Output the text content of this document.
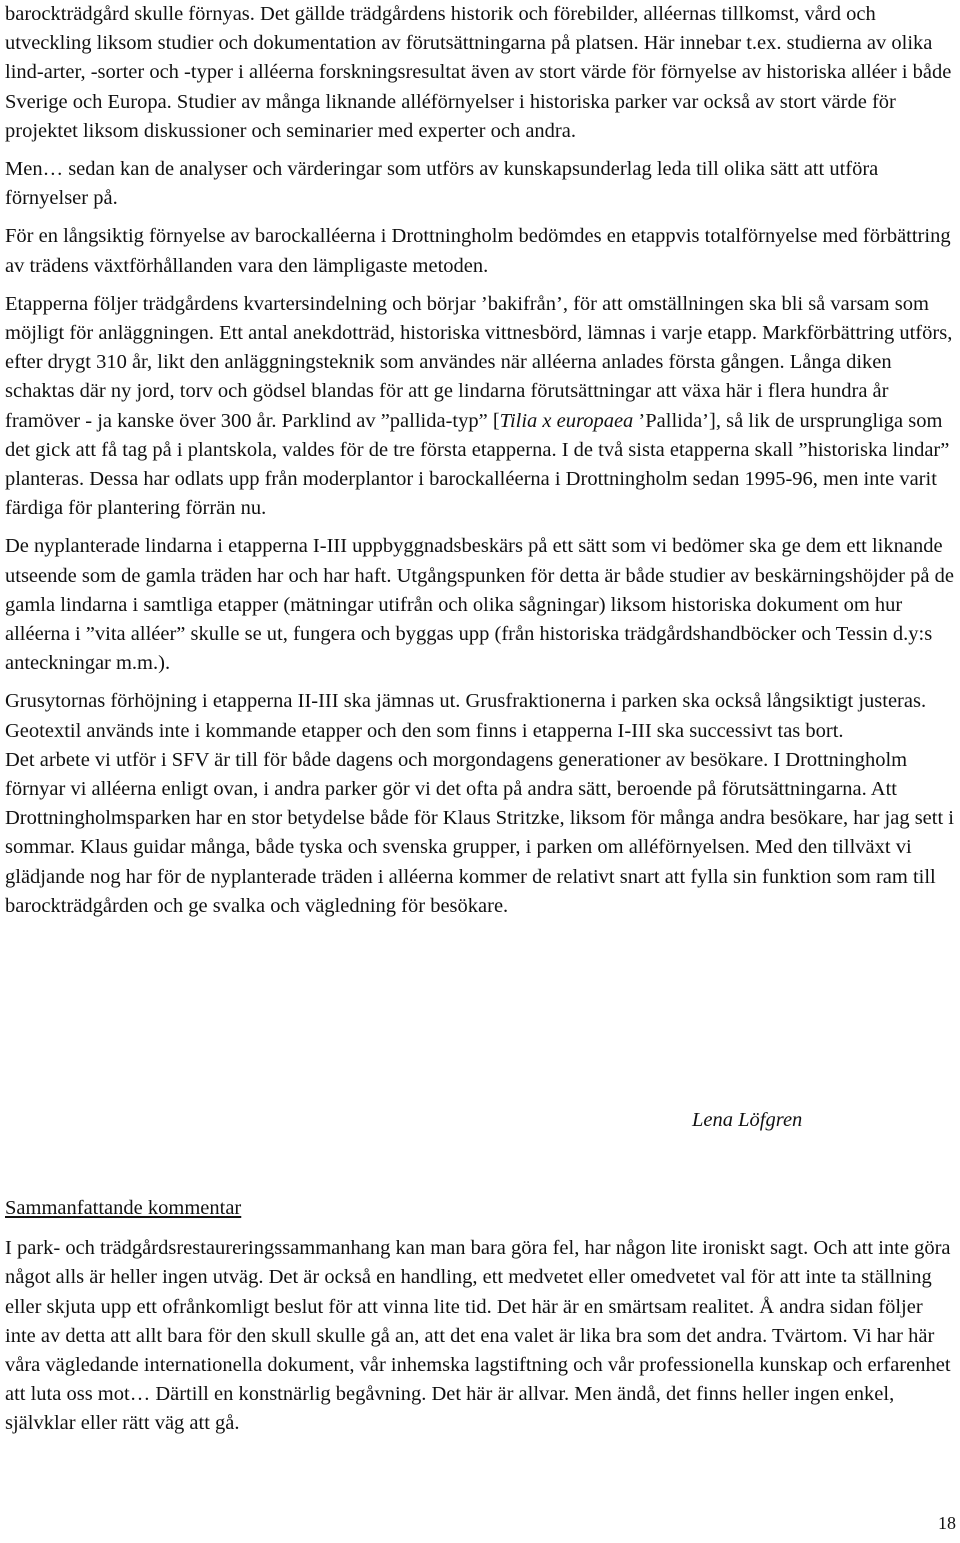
barockträdgård skulle förnyas. Det gällde trädgårdens historik och förebilder, alléernas tillkomst, vård och utveckling liksom studier och dokumentation av förutsättningarna på platsen. Här innebar t.ex. studierna av olika lind-arter, -sorter och -typer i alléerna forskningsresultat även av stort värde för förnyelse av historiska alléer i både Sverige och Europa. Studier av många liknande alléförnyelser i historiska parker var också av stort värde för projektet liksom diskussioner och seminarier med experter och andra.

Men… sedan kan de analyser och värderingar som utförs av kunskapsunderlag leda till olika sätt att utföra förnyelser på.

För en långsiktig förnyelse av barockalléerna i Drottningholm bedömdes en etappvis totalförnyelse med förbättring av trädens växtförhållanden vara den lämpligaste metoden.

Etapperna följer trädgårdens kvartersindelning och börjar ’bakifrån’, för att omställningen ska bli så varsam som möjligt för anläggningen. Ett antal anekdotträd, historiska vittnesbörd, lämnas i varje etapp. Markförbättring utförs, efter drygt 310 år, likt den anläggningsteknik som användes när alléerna anlades första gången. Långa diken schaktas där ny jord, torv och gödsel blandas för att ge lindarna förutsättningar att växa här i flera hundra år framöver - ja kanske över 300 år. Parklind av ”pallida-typ” [Tilia x europaea ’Pallida’], så lik de ursprungliga som det gick att få tag på i plantskola, valdes för de tre första etapperna. I de två sista etapperna skall ”historiska lindar” planteras. Dessa har odlats upp från moderplantor i barockalléerna i Drottningholm sedan 1995-96, men inte varit färdiga för plantering förrän nu.

De nyplanterade lindarna i etapperna I-III uppbyggnadsbeskärs på ett sätt som vi bedömer ska ge dem ett liknande utseende som de gamla träden har och har haft. Utgångspunken för detta är både studier av beskärningshöjder på de gamla lindarna i samtliga etapper (mätningar utifrån och olika sågningar) liksom historiska dokument om hur alléerna i ”vita alléer” skulle se ut, fungera och byggas upp (från historiska trädgårdshandböcker och Tessin d.y:s anteckningar m.m.).

Grusytornas förhöjning i etapperna II-III ska jämnas ut. Grusfraktionerna i parken ska också långsiktigt justeras. Geotextil används inte i kommande etapper och den som finns i etapperna I-III ska successivt tas bort.

Det arbete vi utför i SFV är till för både dagens och morgondagens generationer av besökare. I Drottningholm förnyar vi alléerna enligt ovan, i andra parker gör vi det ofta på andra sätt, beroende på förutsättningarna. Att Drottningholmsparken har en stor betydelse både för Klaus Stritzke, liksom för många andra besökare, har jag sett i sommar. Klaus guidar många, både tyska och svenska grupper, i parken om alléförnyelsen. Med den tillväxt vi glädjande nog har för de nyplanterade träden i alléerna kommer de relativt snart att fylla sin funktion som ram till barockträdgården och ge svalka och vägledning för besökare.

Lena Löfgren

Sammanfattande kommentar

I park- och trädgårdsrestaureringssammanhang kan man bara göra fel, har någon lite ironiskt sagt. Och att inte göra något alls är heller ingen utväg. Det är också en handling, ett medvetet eller omedvetet val för att inte ta ställning eller skjuta upp ett ofrånkomligt beslut för att vinna lite tid. Det här är en smärtsam realitet. Å andra sidan följer inte av detta att allt bara för den skull skulle gå an, att det ena valet är lika bra som det andra. Tvärtom. Vi har här våra vägledande internationella dokument, vår inhemska lagstiftning och vår professionella kunskap och erfarenhet att luta oss mot… Därtill en konstnärlig begåvning. Det här är allvar. Men ändå, det finns heller ingen enkel, självklar eller rätt väg att gå.

18
